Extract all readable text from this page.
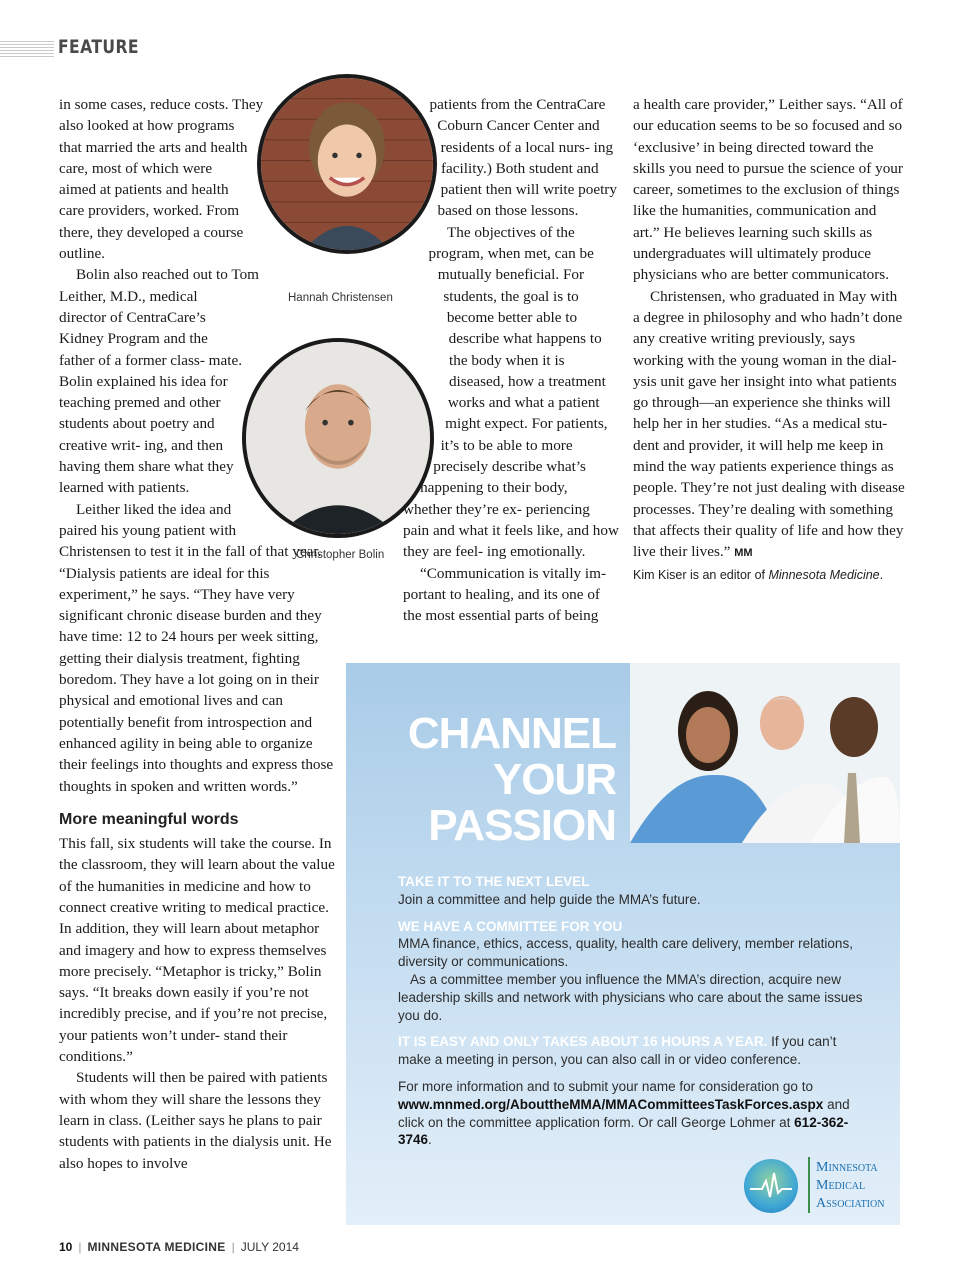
FEATURE
Hannah Christensen
Christopher Bolin

in some cases, reduce costs. They also looked at how programs that married the arts and health care, most of which were aimed at patients and health care providers, worked. From there, they developed a course outline.

Bolin also reached out to Tom Leither, M.D., medical director of CentraCare’s Kidney Program and the father of a former class- mate. Bolin explained his idea for teaching premed and other students about poetry and creative writ- ing, and then having them share what they learned with patients.

Leither liked the idea and paired his young patient with Christensen to test it in the fall of that year. “Dialysis patients are ideal for this experiment,” he says. “They have very significant chronic disease burden and they have time: 12 to 24 hours per week sitting, getting their dialysis treatment, fighting boredom. They have a lot going on in their physical and emotional lives and can potentially benefit from introspection and enhanced agility in being able to organize their feelings into thoughts and express those thoughts in spoken and written words.”

More meaningful words

This fall, six students will take the course. In the classroom, they will learn about the value of the humanities in medicine and how to connect creative writing to medical practice. In addition, they will learn about metaphor and imagery and how to express themselves more precisely. “Metaphor is tricky,” Bolin says. “It breaks down easily if you’re not incredibly precise, and if you’re not precise, your patients won’t under- stand their conditions.”

Students will then be paired with patients with whom they will share the lessons they learn in class. (Leither says he plans to pair students with patients in the dialysis unit. He also hopes to involve

patients from the CentraCare Coburn Cancer Center and residents of a local nurs- ing facility.) Both student and patient then will write poetry based on those lessons.

The objectives of the program, when met, can be mutually beneficial. For students, the goal is to become better able to describe what happens to the body when it is diseased, how a treatment works and what a patient might expect. For patients, it’s to be able to more precisely describe what’s happening to their body, whether they’re ex- periencing pain and what it feels like, and how they are feel- ing emotionally.

“Communication is vitally im- portant to healing, and its one of the most essential parts of being

a health care provider,” Leither says. “All of our education seems to be so focused and so ‘exclusive’ in being directed toward the skills you need to pursue the science of your career, sometimes to the exclusion of things like the humanities, communication and art.” He believes learning such skills as undergraduates will ultimately produce physicians who are better communicators.

Christensen, who graduated in May with a degree in philosophy and who hadn’t done any creative writing previously, says working with the young woman in the dial- ysis unit gave her insight into what patients go through—an experience she thinks will help her in her studies. “As a medical stu- dent and provider, it will help me keep in mind the way patients experience things as people. They’re not just dealing with disease processes. They’re dealing with something that affects their quality of life and how they live their lives.” MM

Kim Kiser is an editor of Minnesota Medicine.

CHANNEL
YOUR
PASSION
TAKE IT TO THE NEXT LEVEL
Join a committee and help guide the MMA’s future.
WE HAVE A COMMITTEE FOR YOU
MMA finance, ethics, access, quality, health care delivery, member relations, diversity or communications.
As a committee member you influence the MMA’s direction, acquire new leadership skills and network with physicians who care about the same issues you do.
IT IS EASY AND ONLY TAKES ABOUT 16 HOURS A YEAR. If you can’t make a meeting in person, you can also call in or video conference.
For more information and to submit your name for consideration go to www.mnmed.org/AbouttheMMA/MMACommitteesTaskForces.aspx and click on the committee application form. Or call George Lohmer at 612-362-3746.
Minnesota
Medical
Association
10 | MINNESOTA MEDICINE | JULY 2014
